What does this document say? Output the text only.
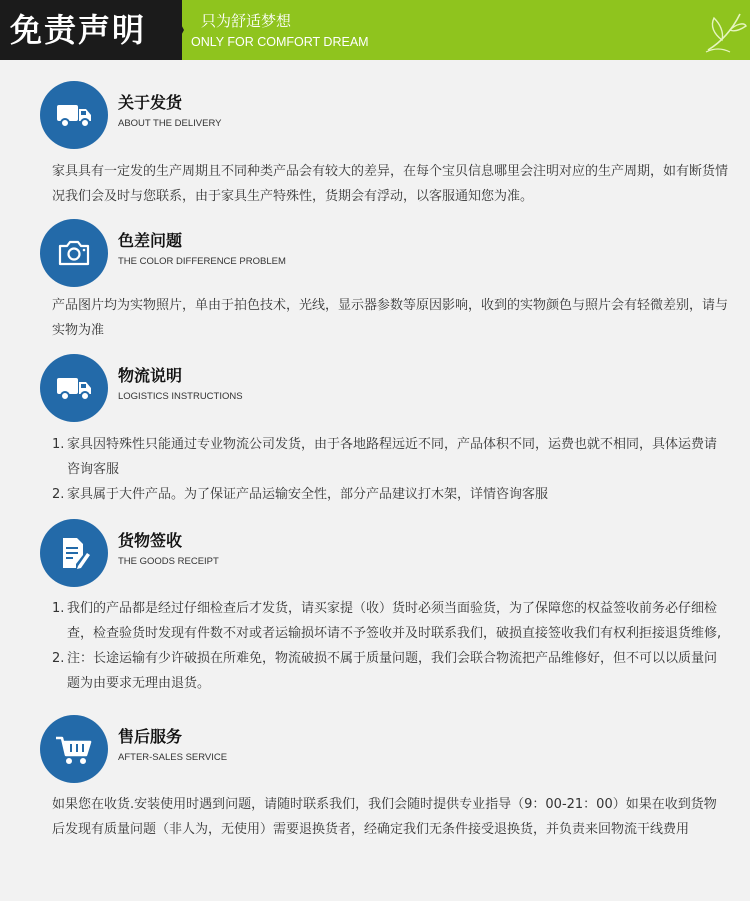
免责声明	只为舒适梦想
ONLY FOR COMFORT DREAM
关于发货
ABOUT THE DELIVERY
家具具有一定发的生产周期且不同种类产品会有较大的差异，在每个宝贝信息哪里会注明对应的生产周期，如有断货情况我们会及时与您联系，由于家具生产特殊性，货期会有浮动，以客服通知您为准。
色差问题
THE COLOR DIFFERENCE PROBLEM
产品图片均为实物照片，单由于拍色技术，光线，显示器参数等原因影响，收到的实物颜色与照片会有轻微差别，请与实物为准
物流说明
LOGISTICS INSTRUCTIONS
1. 家具因特殊性只能通过专业物流公司发货，由于各地路程远近不同，产品体积不同，运费也就不相同，具体运费请咨询客服
2. 家具属于大件产品。为了保证产品运输安全性，部分产品建议打木架，详情咨询客服
货物签收
THE GOODS RECEIPT
1. 我们的产品都是经过仔细检查后才发货，请买家提（收）货时必须当面验货，为了保障您的权益签收前务必仔细检查，检查验货时发现有件数不对或者运输损坏请不予签收并及时联系我们，破损直接签收我们有权利拒接退货维修,
2. 注：长途运输有少许破损在所难免，物流破损不属于质量问题，我们会联合物流把产品维修好，但不可以以质量问题为由要求无理由退货。
售后服务
AFTER-SALES SERVICE
如果您在收货.安装使用时遇到问题，请随时联系我们，我们会随时提供专业指导（9：00-21：00）如果在收到货物后发现有质量问题（非人为，无使用）需要退换货者，经确定我们无条件接受退换货，并负责来回物流干线费用
